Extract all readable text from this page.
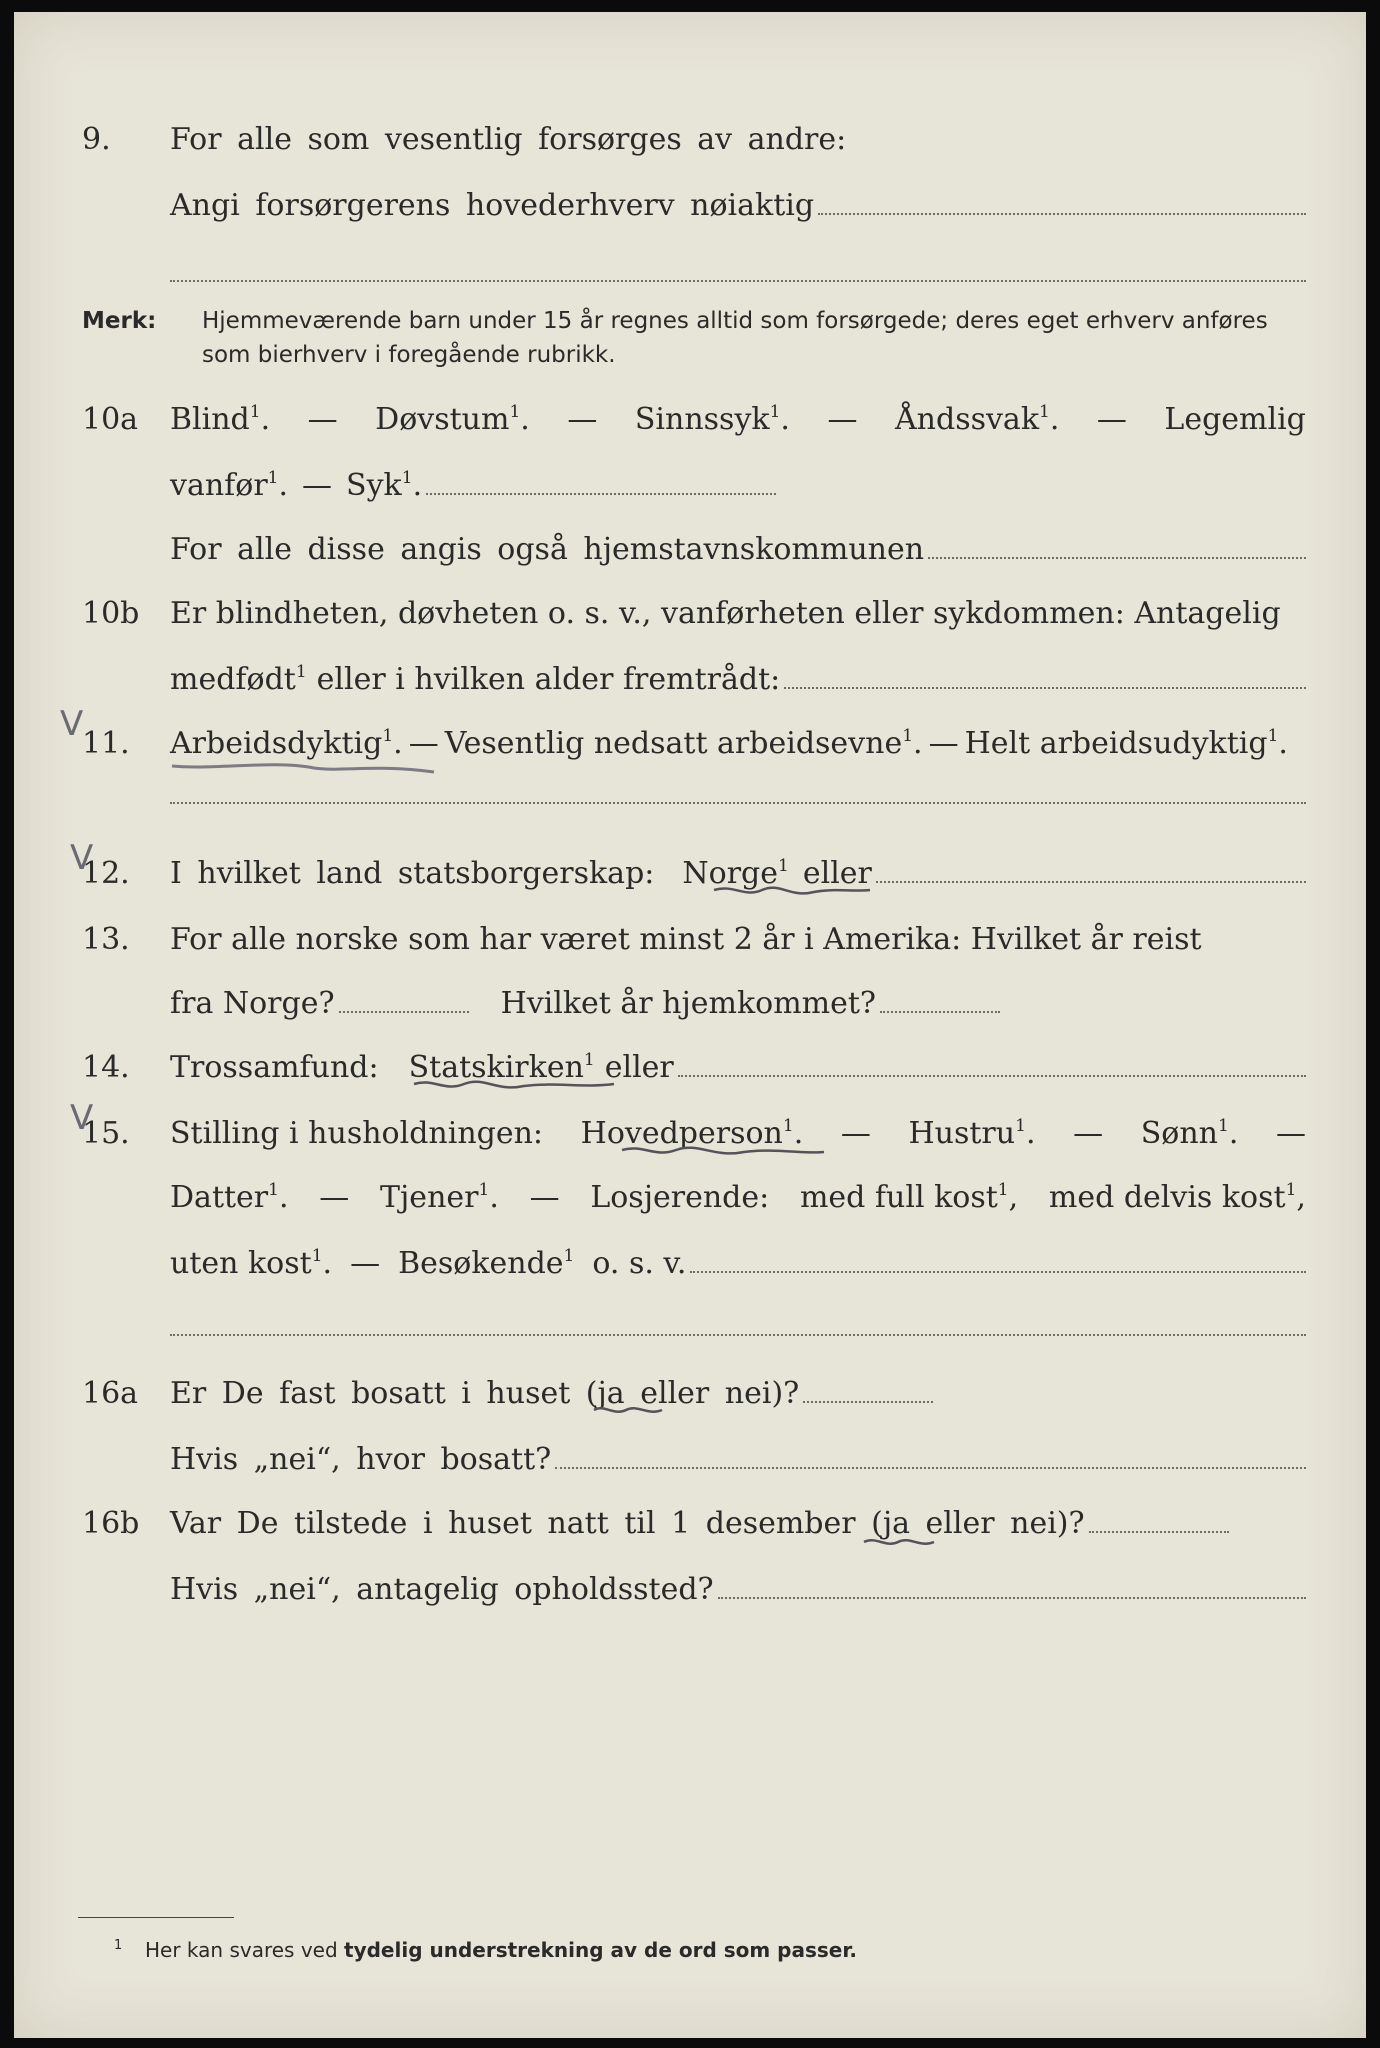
9. For alle som vesentlig forsørges av andre:
Angi forsørgerens hovederhverv nøiaktig
Merk: Hjemmeværende barn under 15 år regnes alltid som forsørgede; deres eget erhverv anføres som bierhverv i foregående rubrikk.
10a Blind$^1$. — Døvstum$^1$. — Sinnssyk$^1$. — Åndssvak$^1$. — Legemlig
vanfør$^1$. — Syk$^1$.
For alle disse angis også hjemstavnskommunen
10b Er blindheten, døvheten o. s. v., vanførheten eller sykdommen: Antagelig
medfødt$^1$ eller i hvilken alder fremtrådt:
V
11. Arbeidsdyktig$^1$. — Vesentlig nedsatt arbeidsevne$^1$. — Helt arbeidsudyktig$^1$.
V
12. I hvilket land statsborgerskap: Norge$^1$ eller
13. For alle norske som har været minst 2 år i Amerika: Hvilket år reist
fra Norge?	Hvilket år hjemkommet?
14. Trossamfund: Statskirken$^1$ eller
V
15. Stilling i husholdningen: Hovedperson$^1$. — Hustru$^1$. — Sønn$^1$. —
Datter$^1$. — Tjener$^1$. — Losjerende: med full kost$^1$, med delvis kost$^1$,
uten kost$^1$. — Besøkende$^1$ o. s. v.
16a Er De fast bosatt i huset (ja eller nei)?
Hvis „nei“, hvor bosatt?
16b Var De tilstede i huset natt til 1 desember (ja eller nei)?
Hvis „nei“, antagelig opholdssted?
$^1$ Her kan svares ved tydelig understrekning av de ord som passer.
